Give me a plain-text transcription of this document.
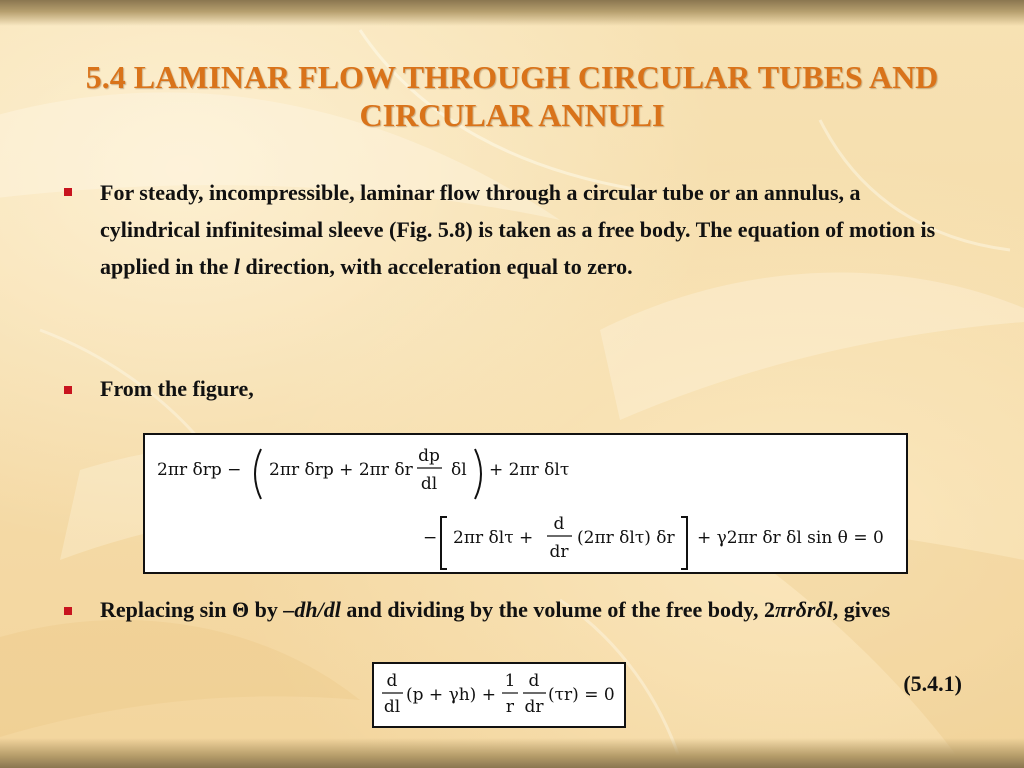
5.4 LAMINAR FLOW THROUGH CIRCULAR TUBES AND CIRCULAR ANNULI
For steady, incompressible, laminar flow through a circular tube or an annulus, a cylindrical infinitesimal sleeve (Fig. 5.8) is taken as a free body. The equation of motion is applied in the l direction, with acceleration equal to zero.
From the figure,
2πr δrp − 2πr δrp + 2πr δr
dp
dl
δl + 2πr δlτ
− 2πr δlτ +
d
dr
(2πr δlτ) δr + γ2πr δr δl sin θ = 0
Replacing sin Θ by –dh/dl and dividing by the volume of the free body, 2πrδrδl, gives
d
dl
(p + γh) +
1
r
d
dr
(τr) = 0	(5.4.1)
